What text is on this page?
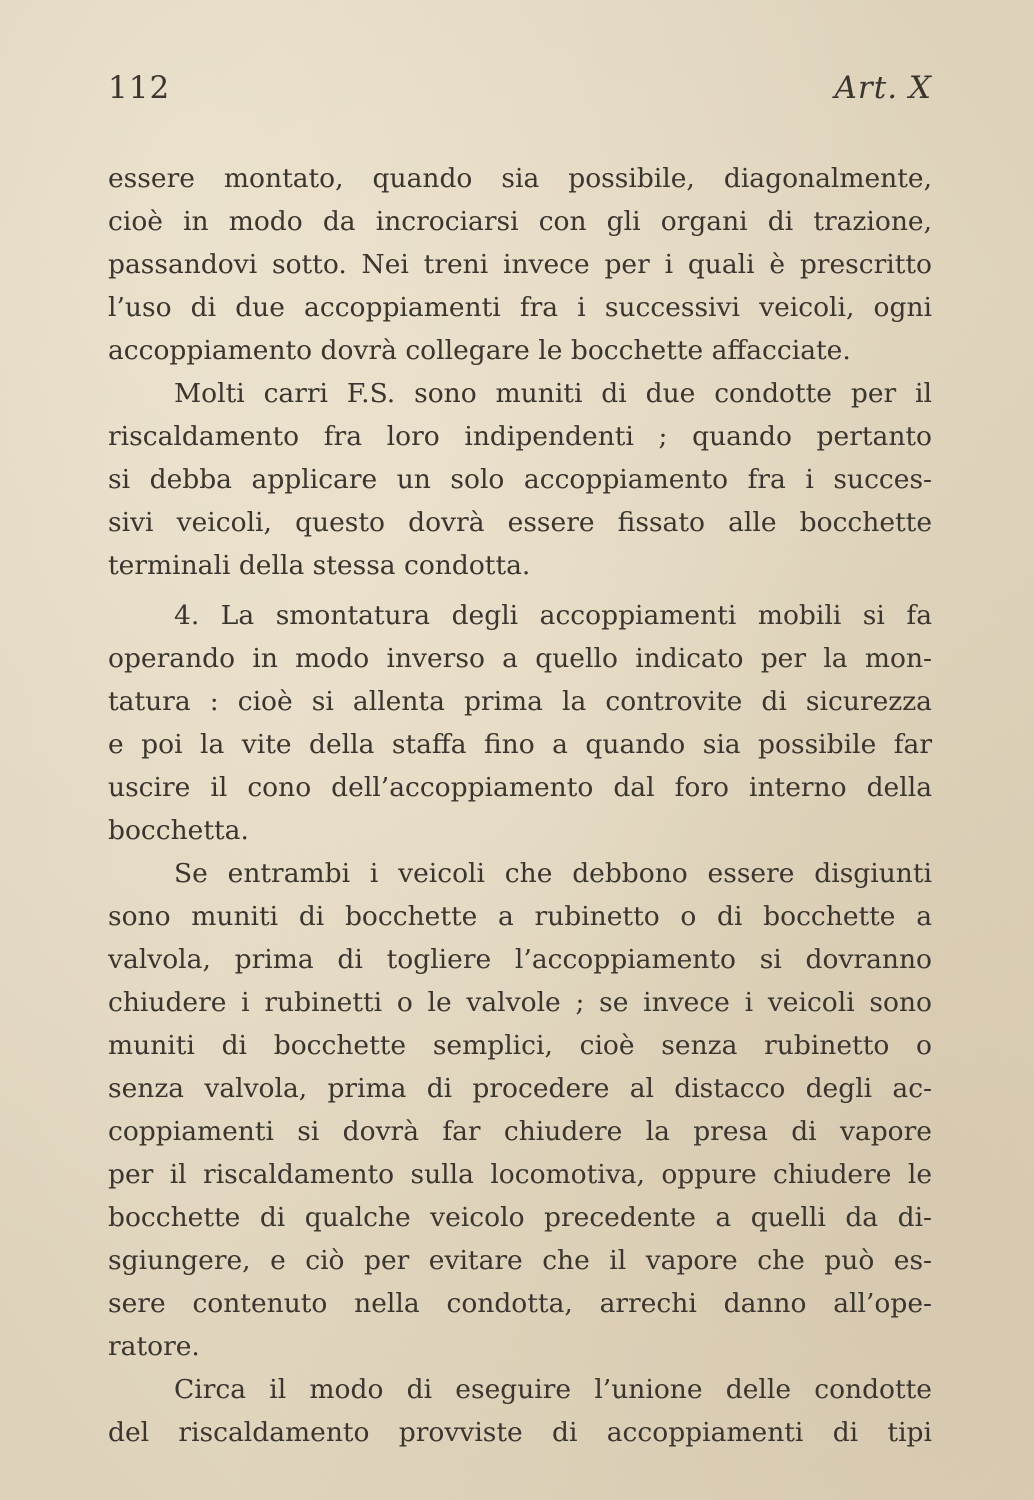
112	Art. X
essere montato, quando sia possibile, diagonalmente,
cioè in modo da incrociarsi con gli organi di trazione,
passandovi sotto. Nei treni invece per i quali è prescritto
l’uso di due accoppiamenti fra i successivi veicoli, ogni
accoppiamento dovrà collegare le bocchette affacciate.
Molti carri F.S. sono muniti di due condotte per il
riscaldamento fra loro indipendenti ; quando pertanto
si debba applicare un solo accoppiamento fra i succes-
sivi veicoli, questo dovrà essere fissato alle bocchette
terminali della stessa condotta.
4. La smontatura degli accoppiamenti mobili si fa
operando in modo inverso a quello indicato per la mon-
tatura : cioè si allenta prima la controvite di sicurezza
e poi la vite della staffa fino a quando sia possibile far
uscire il cono dell’accoppiamento dal foro interno della
bocchetta.
Se entrambi i veicoli che debbono essere disgiunti
sono muniti di bocchette a rubinetto o di bocchette a
valvola, prima di togliere l’accoppiamento si dovranno
chiudere i rubinetti o le valvole ; se invece i veicoli sono
muniti di bocchette semplici, cioè senza rubinetto o
senza valvola, prima di procedere al distacco degli ac-
coppiamenti si dovrà far chiudere la presa di vapore
per il riscaldamento sulla locomotiva, oppure chiudere le
bocchette di qualche veicolo precedente a quelli da di-
sgiungere, e ciò per evitare che il vapore che può es-
sere contenuto nella condotta, arrechi danno all’ope-
ratore.
Circa il modo di eseguire l’unione delle condotte
del riscaldamento provviste di accoppiamenti di tipi
